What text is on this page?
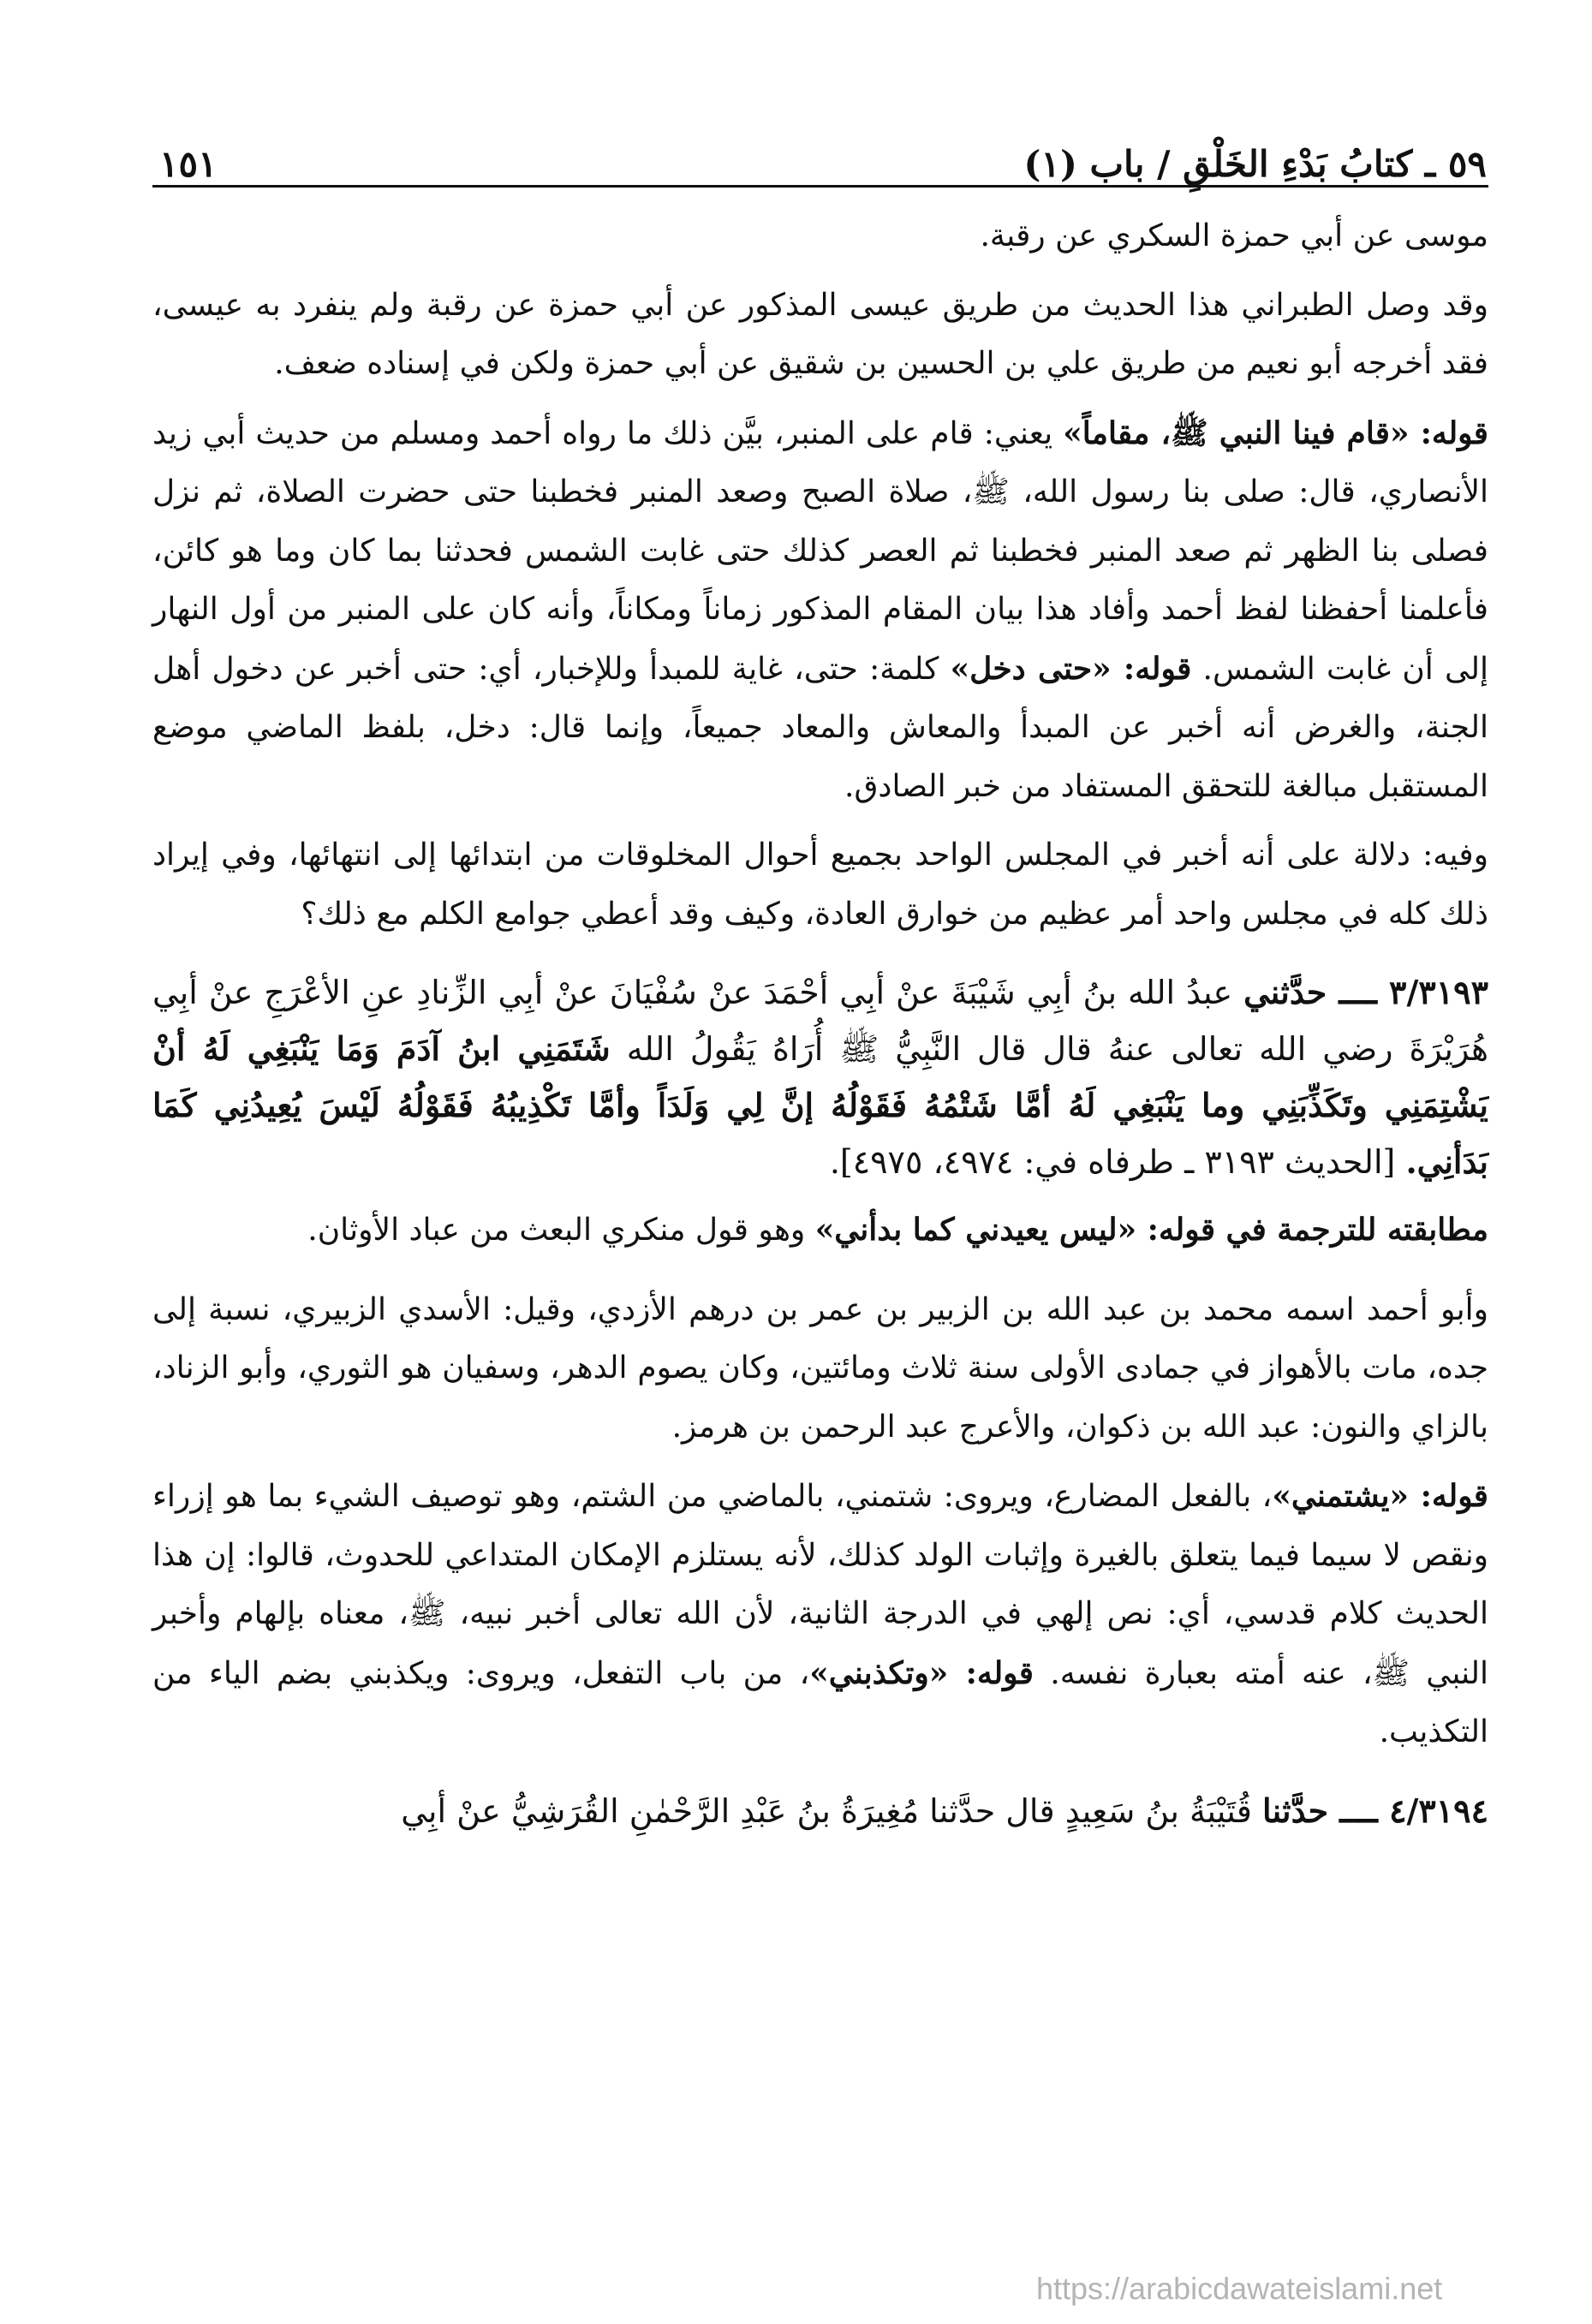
٥٩ ـ كتابُ بَدْءِ الخَلْقِ / باب (١)
١٥١

موسى عن أبي حمزة السكري عن رقبة.

وقد وصل الطبراني هذا الحديث من طريق عيسى المذكور عن أبي حمزة عن رقبة ولم ينفرد به عيسى، فقد أخرجه أبو نعيم من طريق علي بن الحسين بن شقيق عن أبي حمزة ولكن في إسناده ضعف.

قوله: «قام فينا النبي ﷺ، مقاماً» يعني: قام على المنبر، بيَّن ذلك ما رواه أحمد ومسلم من حديث أبي زيد الأنصاري، قال: صلى بنا رسول الله، ﷺ، صلاة الصبح وصعد المنبر فخطبنا حتى حضرت الصلاة، ثم نزل فصلى بنا الظهر ثم صعد المنبر فخطبنا ثم العصر كذلك حتى غابت الشمس فحدثنا بما كان وما هو كائن، فأعلمنا أحفظنا لفظ أحمد وأفاد هذا بيان المقام المذكور زماناً ومكاناً، وأنه كان على المنبر من أول النهار إلى أن غابت الشمس. قوله: «حتى دخل» كلمة: حتى، غاية للمبدأ وللإخبار، أي: حتى أخبر عن دخول أهل الجنة، والغرض أنه أخبر عن المبدأ والمعاش والمعاد جميعاً، وإنما قال: دخل، بلفظ الماضي موضع المستقبل مبالغة للتحقق المستفاد من خبر الصادق.

وفيه: دلالة على أنه أخبر في المجلس الواحد بجميع أحوال المخلوقات من ابتدائها إلى انتهائها، وفي إيراد ذلك كله في مجلس واحد أمر عظيم من خوارق العادة، وكيف وقد أعطي جوامع الكلم مع ذلك؟

٣/٣١٩٣ ــــ حدَّثني عبدُ الله بنُ أبِي شَيْبَةَ عنْ أبِي أحْمَدَ عنْ سُفْيَانَ عنْ أبِي الزِّنادِ عنِ الأعْرَجِ عنْ أبِي هُرَيْرَةَ رضي الله تعالى عنهُ قال قال النَّبِيُّ ﷺ أُرَاهُ يَقُولُ الله شَتَمَنِي ابنُ آدَمَ وَمَا يَنْبَغِي لَهُ أنْ يَشْتِمَنِي وتَكَذِّبَنِي وما يَنْبَغِي لَهُ أمَّا شَتْمُهُ فَقَوْلُهُ إنَّ لِي وَلَدَاً وأمَّا تَكْذِيبُهُ فَقَوْلُهُ لَيْسَ يُعِيدُنِي كَمَا بَدَأنِي. [الحديث ٣١٩٣ ـ طرفاه في: ٤٩٧٤، ٤٩٧٥].

مطابقته للترجمة في قوله: «ليس يعيدني كما بدأني» وهو قول منكري البعث من عباد الأوثان.

وأبو أحمد اسمه محمد بن عبد الله بن الزبير بن عمر بن درهم الأزدي، وقيل: الأسدي الزبيري، نسبة إلى جده، مات بالأهواز في جمادى الأولى سنة ثلاث ومائتين، وكان يصوم الدهر، وسفيان هو الثوري، وأبو الزناد، بالزاي والنون: عبد الله بن ذكوان، والأعرج عبد الرحمن بن هرمز.

قوله: «يشتمني»، بالفعل المضارع، ويروى: شتمني، بالماضي من الشتم، وهو توصيف الشيء بما هو إزراء ونقص لا سيما فيما يتعلق بالغيرة وإثبات الولد كذلك، لأنه يستلزم الإمكان المتداعي للحدوث، قالوا: إن هذا الحديث كلام قدسي، أي: نص إلهي في الدرجة الثانية، لأن الله تعالى أخبر نبيه، ﷺ، معناه بإلهام وأخبر النبي ﷺ، عنه أمته بعبارة نفسه. قوله: «وتكذبني»، من باب التفعل، ويروى: ويكذبني بضم الياء من التكذيب.

٤/٣١٩٤ ــــ حدَّثنا قُتَيْبَةُ بنُ سَعِيدٍ قال حدَّثنا مُغِيرَةُ بنُ عَبْدِ الرَّحْمٰنِ القُرَشِيُّ عنْ أبِي

https://arabicdawateislami.net
